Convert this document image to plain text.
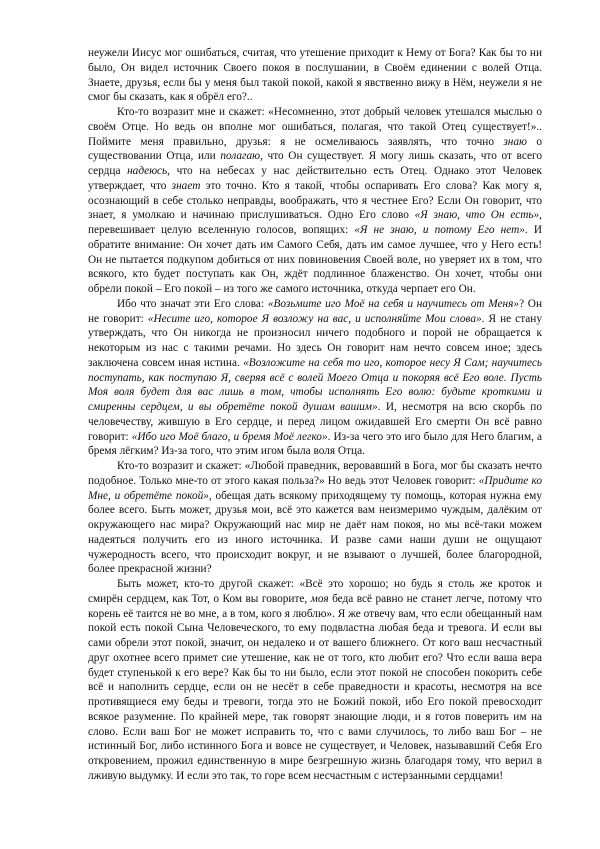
неужели Иисус мог ошибаться, считая, что утешение приходит к Нему от Бога? Как бы то ни было, Он видел источник Своего покоя в послушании, в Своём единении с волей Отца. Знаете, друзья, если бы у меня был такой покой, какой я явственно вижу в Нём, неужели я не смог бы сказать, как я обрёл его?..

Кто-то возразит мне и скажет: «Несомненно, этот добрый человек утешался мыслью о своём Отце. Но ведь он вполне мог ошибаться, полагая, что такой Отец существует!».. Поймите меня правильно, друзья: я не осмеливаюсь заявлять, что точно знаю о существовании Отца, или полагаю, что Он существует. Я могу лишь сказать, что от всего сердца надеюсь, что на небесах у нас действительно есть Отец. Однако этот Человек утверждает, что знает это точно. Кто я такой, чтобы оспаривать Его слова? Как могу я, осознающий в себе столько неправды, воображать, что я честнее Его? Если Он говорит, что знает, я умолкаю и начинаю прислушиваться. Одно Его слово «Я знаю, что Он есть», перевешивает целую вселенную голосов, вопящих: «Я не знаю, и потому Его нет». И обратите внимание: Он хочет дать им Самого Себя, дать им самое лучшее, что у Него есть! Он не пытается подкупом добиться от них повиновения Своей воле, но уверяет их в том, что всякого, кто будет поступать как Он, ждёт подлинное блаженство. Он хочет, чтобы они обрели покой – Его покой – из того же самого источника, откуда черпает его Он.

Ибо что значат эти Его слова: «Возьмите иго Моё на себя и научитесь от Меня»? Он не говорит: «Несите иго, которое Я возложу на вас, и исполняйте Мои слова». Я не стану утверждать, что Он никогда не произносил ничего подобного и порой не обращается к некоторым из нас с такими речами. Но здесь Он говорит нам нечто совсем иное; здесь заключена совсем иная истина. «Возложите на себя то иго, которое несу Я Сам; научитесь поступать, как поступаю Я, сверяя всё с волей Моего Отца и покоряя всё Его воле. Пусть Моя воля будет для вас лишь в том, чтобы исполнять Его волю: будьте кроткими и смиренны сердцем, и вы обретёте покой душам вашим». И, несмотря на всю скорбь по человечеству, жившую в Его сердце, и перед лицом ожидавшей Его смерти Он всё равно говорит: «Ибо иго Моё благо, и бремя Моё легко». Из-за чего это иго было для Него благим, а бремя лёгким? Из-за того, что этим игом была воля Отца.

Кто-то возразит и скажет: «Любой праведник, веровавший в Бога, мог бы сказать нечто подобное. Только мне-то от этого какая польза?» Но ведь этот Человек говорит: «Придите ко Мне, и обретёте покой», обещая дать всякому приходящему ту помощь, которая нужна ему более всего. Быть может, друзья мои, всё это кажется вам неизмеримо чуждым, далёким от окружающего нас мира? Окружающий нас мир не даёт нам покоя, но мы всё-таки можем надеяться получить его из иного источника. И разве сами наши души не ощущают чужеродность всего, что происходит вокруг, и не взывают о лучшей, более благородной, более прекрасной жизни?

Быть может, кто-то другой скажет: «Всё это хорошо; но будь я столь же кроток и смирён сердцем, как Тот, о Ком вы говорите, моя беда всё равно не станет легче, потому что корень её таится не во мне, а в том, кого я люблю». Я же отвечу вам, что если обещанный нам покой есть покой Сына Человеческого, то ему подвластна любая беда и тревога. И если вы сами обрели этот покой, значит, он недалеко и от вашего ближнего. От кого ваш несчастный друг охотнее всего примет сие утешение, как не от того, кто любит его? Что если ваша вера будет ступенькой к его вере? Как бы то ни было, если этот покой не способен покорить себе всё и наполнить сердце, если он не несёт в себе праведности и красоты, несмотря на все противящиеся ему беды и тревоги, тогда это не Божий покой, ибо Его покой превосходит всякое разумение. По крайней мере, так говорят знающие люди, и я готов поверить им на слово. Если ваш Бог не может исправить то, что с вами случилось, то либо ваш Бог – не истинный Бог, либо истинного Бога и вовсе не существует, и Человек, называвший Себя Его откровением, прожил единственную в мире безгрешную жизнь благодаря тому, что верил в лживую выдумку. И если это так, то горе всем несчастным с истерзанными сердцами!
